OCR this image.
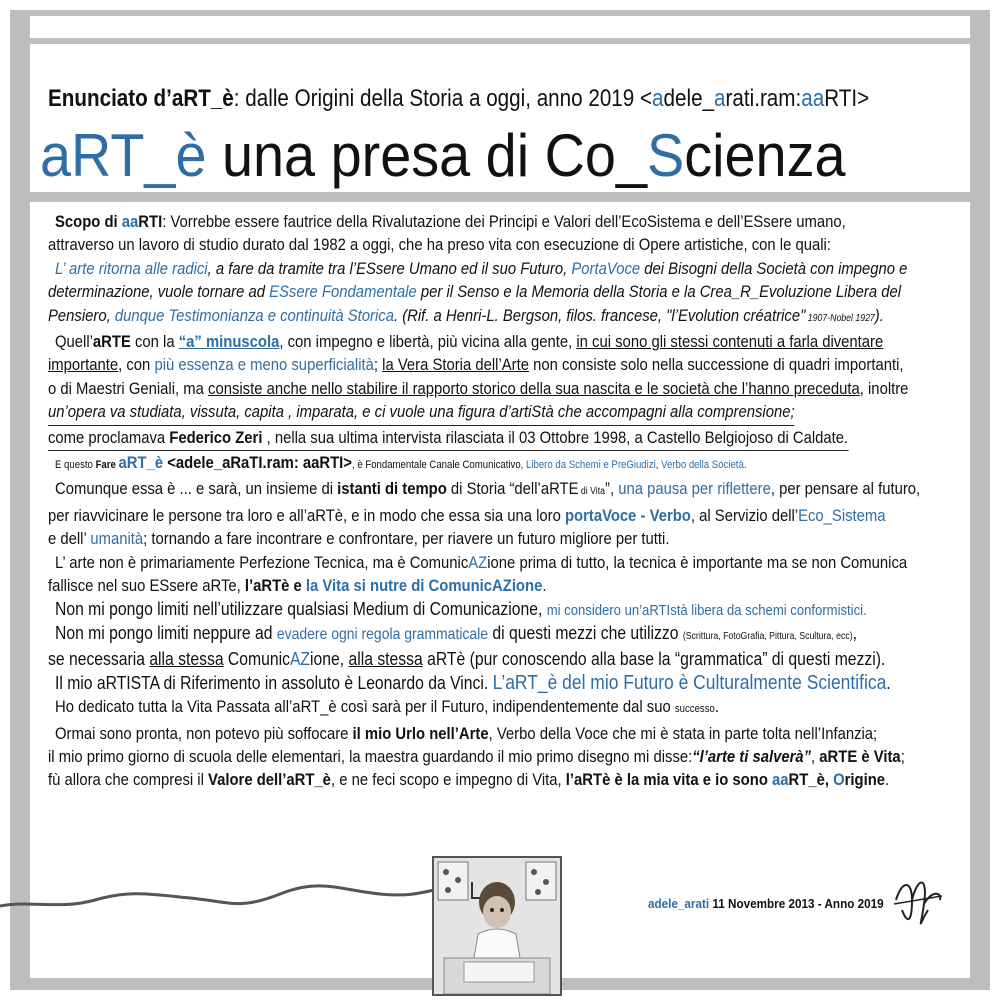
Enunciato d’aRT_è: dalle Origini della Storia a oggi, anno 2019 <adele_arati.ram:aaRTI>
aRT_è una presa di Co_Scienza

Scopo di aaRTI: Vorrebbe essere fautrice della Rivalutazione dei Principi e Valori dell’EcoSistema e dell’ESsere umano,

attraverso un lavoro di studio durato dal 1982 a oggi, che ha preso vita con esecuzione di Opere artistiche, con le quali:

L’ arte ritorna alle radici, a fare da tramite tra l’ESsere Umano ed il suo Futuro, PortaVoce dei Bisogni della Società con impegno e

determinazione, vuole tornare ad ESsere Fondamentale per il Senso e la Memoria della Storia e la Crea_R_Evoluzione Libera del

Pensiero, dunque Testimonianza e continuità Storica. (Rif. a Henri-L. Bergson, filos. francese, "l’Evolution créatrice" 1907-Nobel 1927).

Quell’aRTE con la “a” minuscola, con impegno e libertà, più vicina alla gente, in cui sono gli stessi contenuti a farla diventare

importante, con più essenza e meno superficialità; la Vera Storia dell’Arte non consiste solo nella successione di quadri importanti,

o di Maestri Geniali, ma consiste anche nello stabilire il rapporto storico della sua nascita e le società che l’hanno preceduta, inoltre

un’opera va studiata, vissuta, capita , imparata, e ci vuole una figura d’artiStà che accompagni alla comprensione;

come proclamava Federico Zeri , nella sua ultima intervista rilasciata il 03 Ottobre 1998, a Castello Belgiojoso di Caldate.

E questo Fare aRT_è <adele_aRaTI.ram: aaRTI>, è Fondamentale Canale Comunicativo, Libero da Schemi e PreGiudizi, Verbo della Società.

Comunque essa è ... e sarà, un insieme di istanti di tempo di Storia “dell’aRTE di Vita”, una pausa per riflettere, per pensare al futuro,

per riavvicinare le persone tra loro e all’aRTè, e in modo che essa sia una loro portaVoce - Verbo, al Servizio dell’Eco_Sistema

e dell’ umanità; tornando a fare incontrare e confrontare, per riavere un futuro migliore per tutti.

L’ arte non è primariamente Perfezione Tecnica, ma è ComunicAZione prima di tutto, la tecnica è importante ma se non Comunica

fallisce nel suo ESsere aRTe, l’aRTè e la Vita si nutre di ComunicAZione.

Non mi pongo limiti nell’utilizzare qualsiasi Medium di Comunicazione, mi considero un’aRTIstà libera da schemi conformistici.

Non mi pongo limiti neppure ad evadere ogni regola grammaticale di questi mezzi che utilizzo (Scrittura, FotoGrafia, Pittura, Scultura, ecc),

se necessaria alla stessa ComunicAZione, alla stessa aRTè (pur conoscendo alla base la “grammatica” di questi mezzi).

Il mio aRTISTA di Riferimento in assoluto è Leonardo da Vinci. L’aRT_è del mio Futuro è Culturalmente Scientifica.

Ho dedicato tutta la Vita Passata all’aRT_è così sarà per il Futuro, indipendentemente dal suo successo.

Ormai sono pronta, non potevo più soffocare il mio Urlo nell’Arte, Verbo della Voce che mi è stata in parte tolta nell’Infanzia;

il mio primo giorno di scuola delle elementari, la maestra guardando il mio primo disegno mi disse:“l’arte ti salverà”, aRTE è Vita;

fù allora che compresi il Valore dell’aRT_è, e ne feci scopo e impegno di Vita, l’aRTè è la mia vita e io sono aaRT_è, Origine.

adele_arati 11 Novembre 2013 - Anno 2019
